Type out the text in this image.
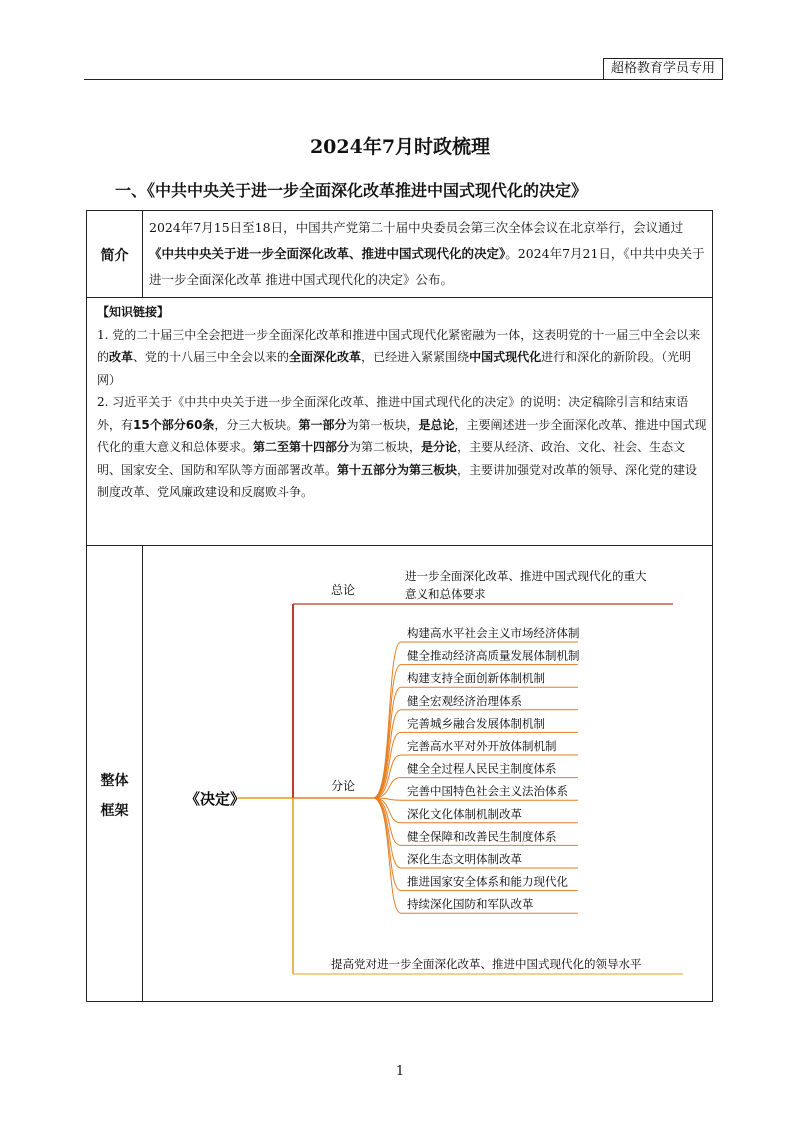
超格教育学员专用
2024年7月时政梳理
一、《中共中央关于进一步全面深化改革推进中国式现代化的决定》
简介
2024年7月15日至18日，中国共产党第二十届中央委员会第三次全体会议在北京举行，会议通过《中共中央关于进一步全面深化改革、推进中国式现代化的决定》。2024年7月21日，《中共中央关于进一步全面深化改革 推进中国式现代化的决定》公布。

【知识链接】

1. 党的二十届三中全会把进一步全面深化改革和推进中国式现代化紧密融为一体，这表明党的十一届三中全会以来的改革、党的十八届三中全会以来的全面深化改革，已经进入紧紧围绕中国式现代化进行和深化的新阶段。（光明网）

2. 习近平关于《中共中央关于进一步全面深化改革、推进中国式现代化的决定》的说明：决定稿除引言和结束语外，有15个部分60条，分三大板块。第一部分为第一板块，是总论，主要阐述进一步全面深化改革、推进中国式现代化的重大意义和总体要求。第二至第十四部分为第二板块，是分论，主要从经济、政治、文化、社会、生态文明、国家安全、国防和军队等方面部署改革。第十五部分为第三板块，主要讲加强党对改革的领导、深化党的建设制度改革、党风廉政建设和反腐败斗争。

整体
框架
构建高水平社会主义市场经济体制
健全推动经济高质量发展体制机制
构建支持全面创新体制机制
健全宏观经济治理体系
完善城乡融合发展体制机制
完善高水平对外开放体制机制
健全全过程人民民主制度体系
完善中国特色社会主义法治体系
深化文化体制机制改革
健全保障和改善民生制度体系
深化生态文明体制改革
推进国家安全体系和能力现代化
持续深化国防和军队改革
《决定》
总论
进一步全面深化改革、推进中国式现代化的重大
意义和总体要求
分论
提高党对进一步全面深化改革、推进中国式现代化的领导水平
1
